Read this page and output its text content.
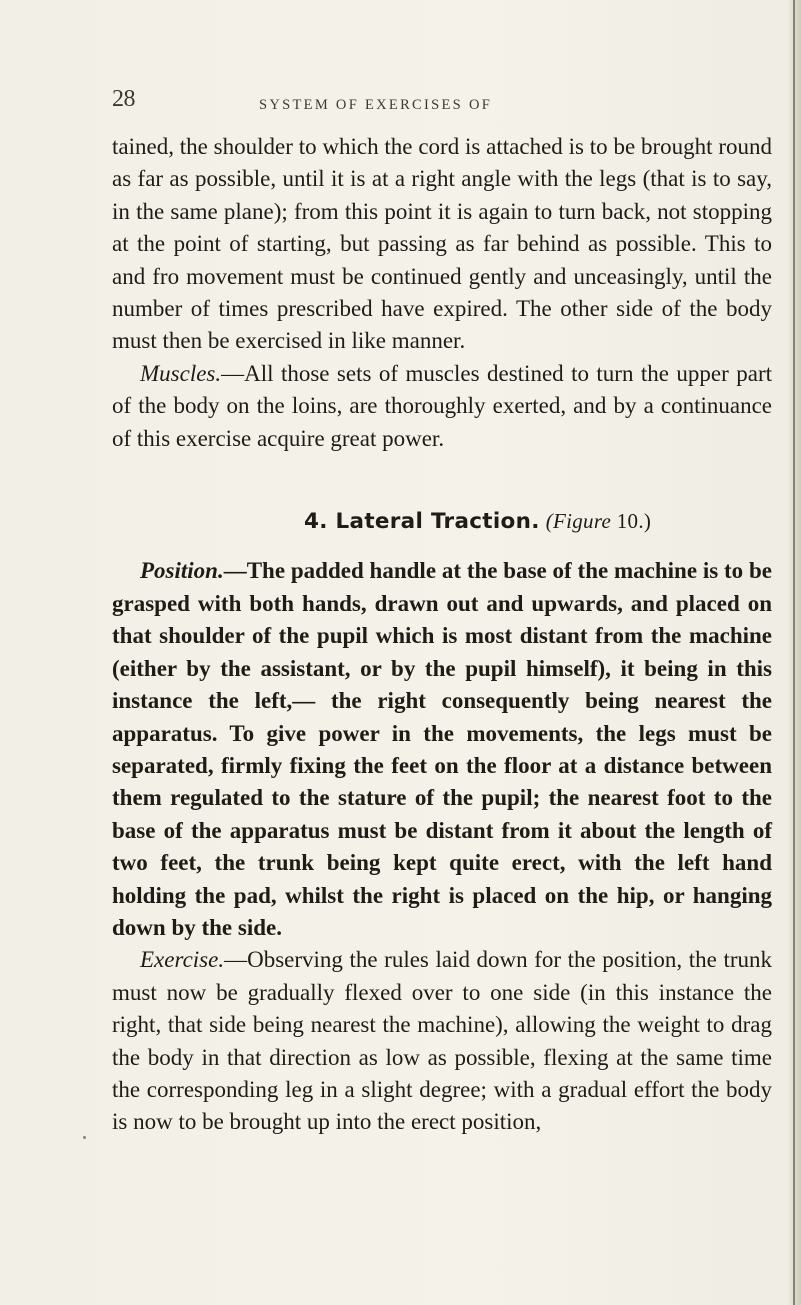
28	SYSTEM OF EXERCISES OF

tained, the shoulder to which the cord is attached is to be brought round as far as possible, until it is at a right angle with the legs (that is to say, in the same plane); from this point it is again to turn back, not stopping at the point of starting, but passing as far behind as possible. This to and fro movement must be continued gently and unceasingly, until the number of times prescribed have expired. The other side of the body must then be exercised in like manner.

Muscles.—All those sets of muscles destined to turn the upper part of the body on the loins, are thoroughly exerted, and by a continuance of this exercise acquire great power.

4. Lateral Traction. (Figure 10.)

Position.—The padded handle at the base of the machine is to be grasped with both hands, drawn out and upwards, and placed on that shoulder of the pupil which is most distant from the machine (either by the assistant, or by the pupil himself), it being in this instance the left,— the right consequently being nearest the apparatus. To give power in the movements, the legs must be separated, firmly fixing the feet on the floor at a distance between them regulated to the stature of the pupil; the nearest foot to the base of the apparatus must be distant from it about the length of two feet, the trunk being kept quite erect, with the left hand holding the pad, whilst the right is placed on the hip, or hanging down by the side.

Exercise.—Observing the rules laid down for the position, the trunk must now be gradually flexed over to one side (in this instance the right, that side being nearest the machine), allowing the weight to drag the body in that direction as low as possible, flexing at the same time the corresponding leg in a slight degree; with a gradual effort the body is now to be brought up into the erect position,
